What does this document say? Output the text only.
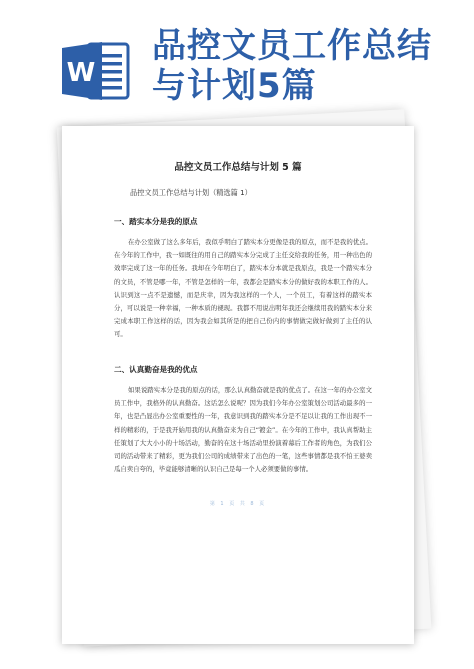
W
品控文员工作总结
与计划5篇
品控文员工作总结与计划 5 篇
品控文员工作总结与计划（精选篇 1）
一、踏实本分是我的原点

在办公室做了这么多年后，我似乎明白了踏实本分更像是我的原点，而不是我的优点。在今年的工作中，我一如既往的用自己的踏实本分完成了主任交给我的任务，用一种出色的效率完成了这一年的任务。我却在今年明白了，踏实本分本就是我原点，我是一个踏实本分的文员，不管是哪一年，不管是怎样的一年，我都会是踏实本分的做好我的本职工作的人。认识到这一点不是遗憾，而是庆幸，因为我这样的一个人，一个员工，有着这样的踏实本分，可以说是一种幸福，一种本质的褪现。我都不用说出明年我还会继续用我的踏实本分来完成本职工作这样的话，因为我会如其所是的把自己份内的事情做完做好做到了主任的认可。

二、认真勤奋是我的优点

如果说踏实本分是我的原点的话，那么认真勤奋就是我的优点了。在这一年的办公室文员工作中，我格外的认真勤奋。这话怎么说呢？因为我们今年办公室策划公司活动最多的一年，也是凸显出办公室重要性的一年，我意识到我的踏实本分是不足以让我的工作出现不一样的精彩的，于是我开始用我的认真勤奋来为自己“镀金”。在今年的工作中，我认真帮助主任策划了大大小小的十场活动，勤奋的在这十场活动里扮演着幕后工作者的角色，为我们公司的活动带来了精彩，更为我们公司的成绩带来了出色的一笔，这些事情都是我不怕王婆卖瓜自卖自夸的，毕竟能够清晰的认识自己是每一个人必须要做的事情。

第 1 页 共 8 页
